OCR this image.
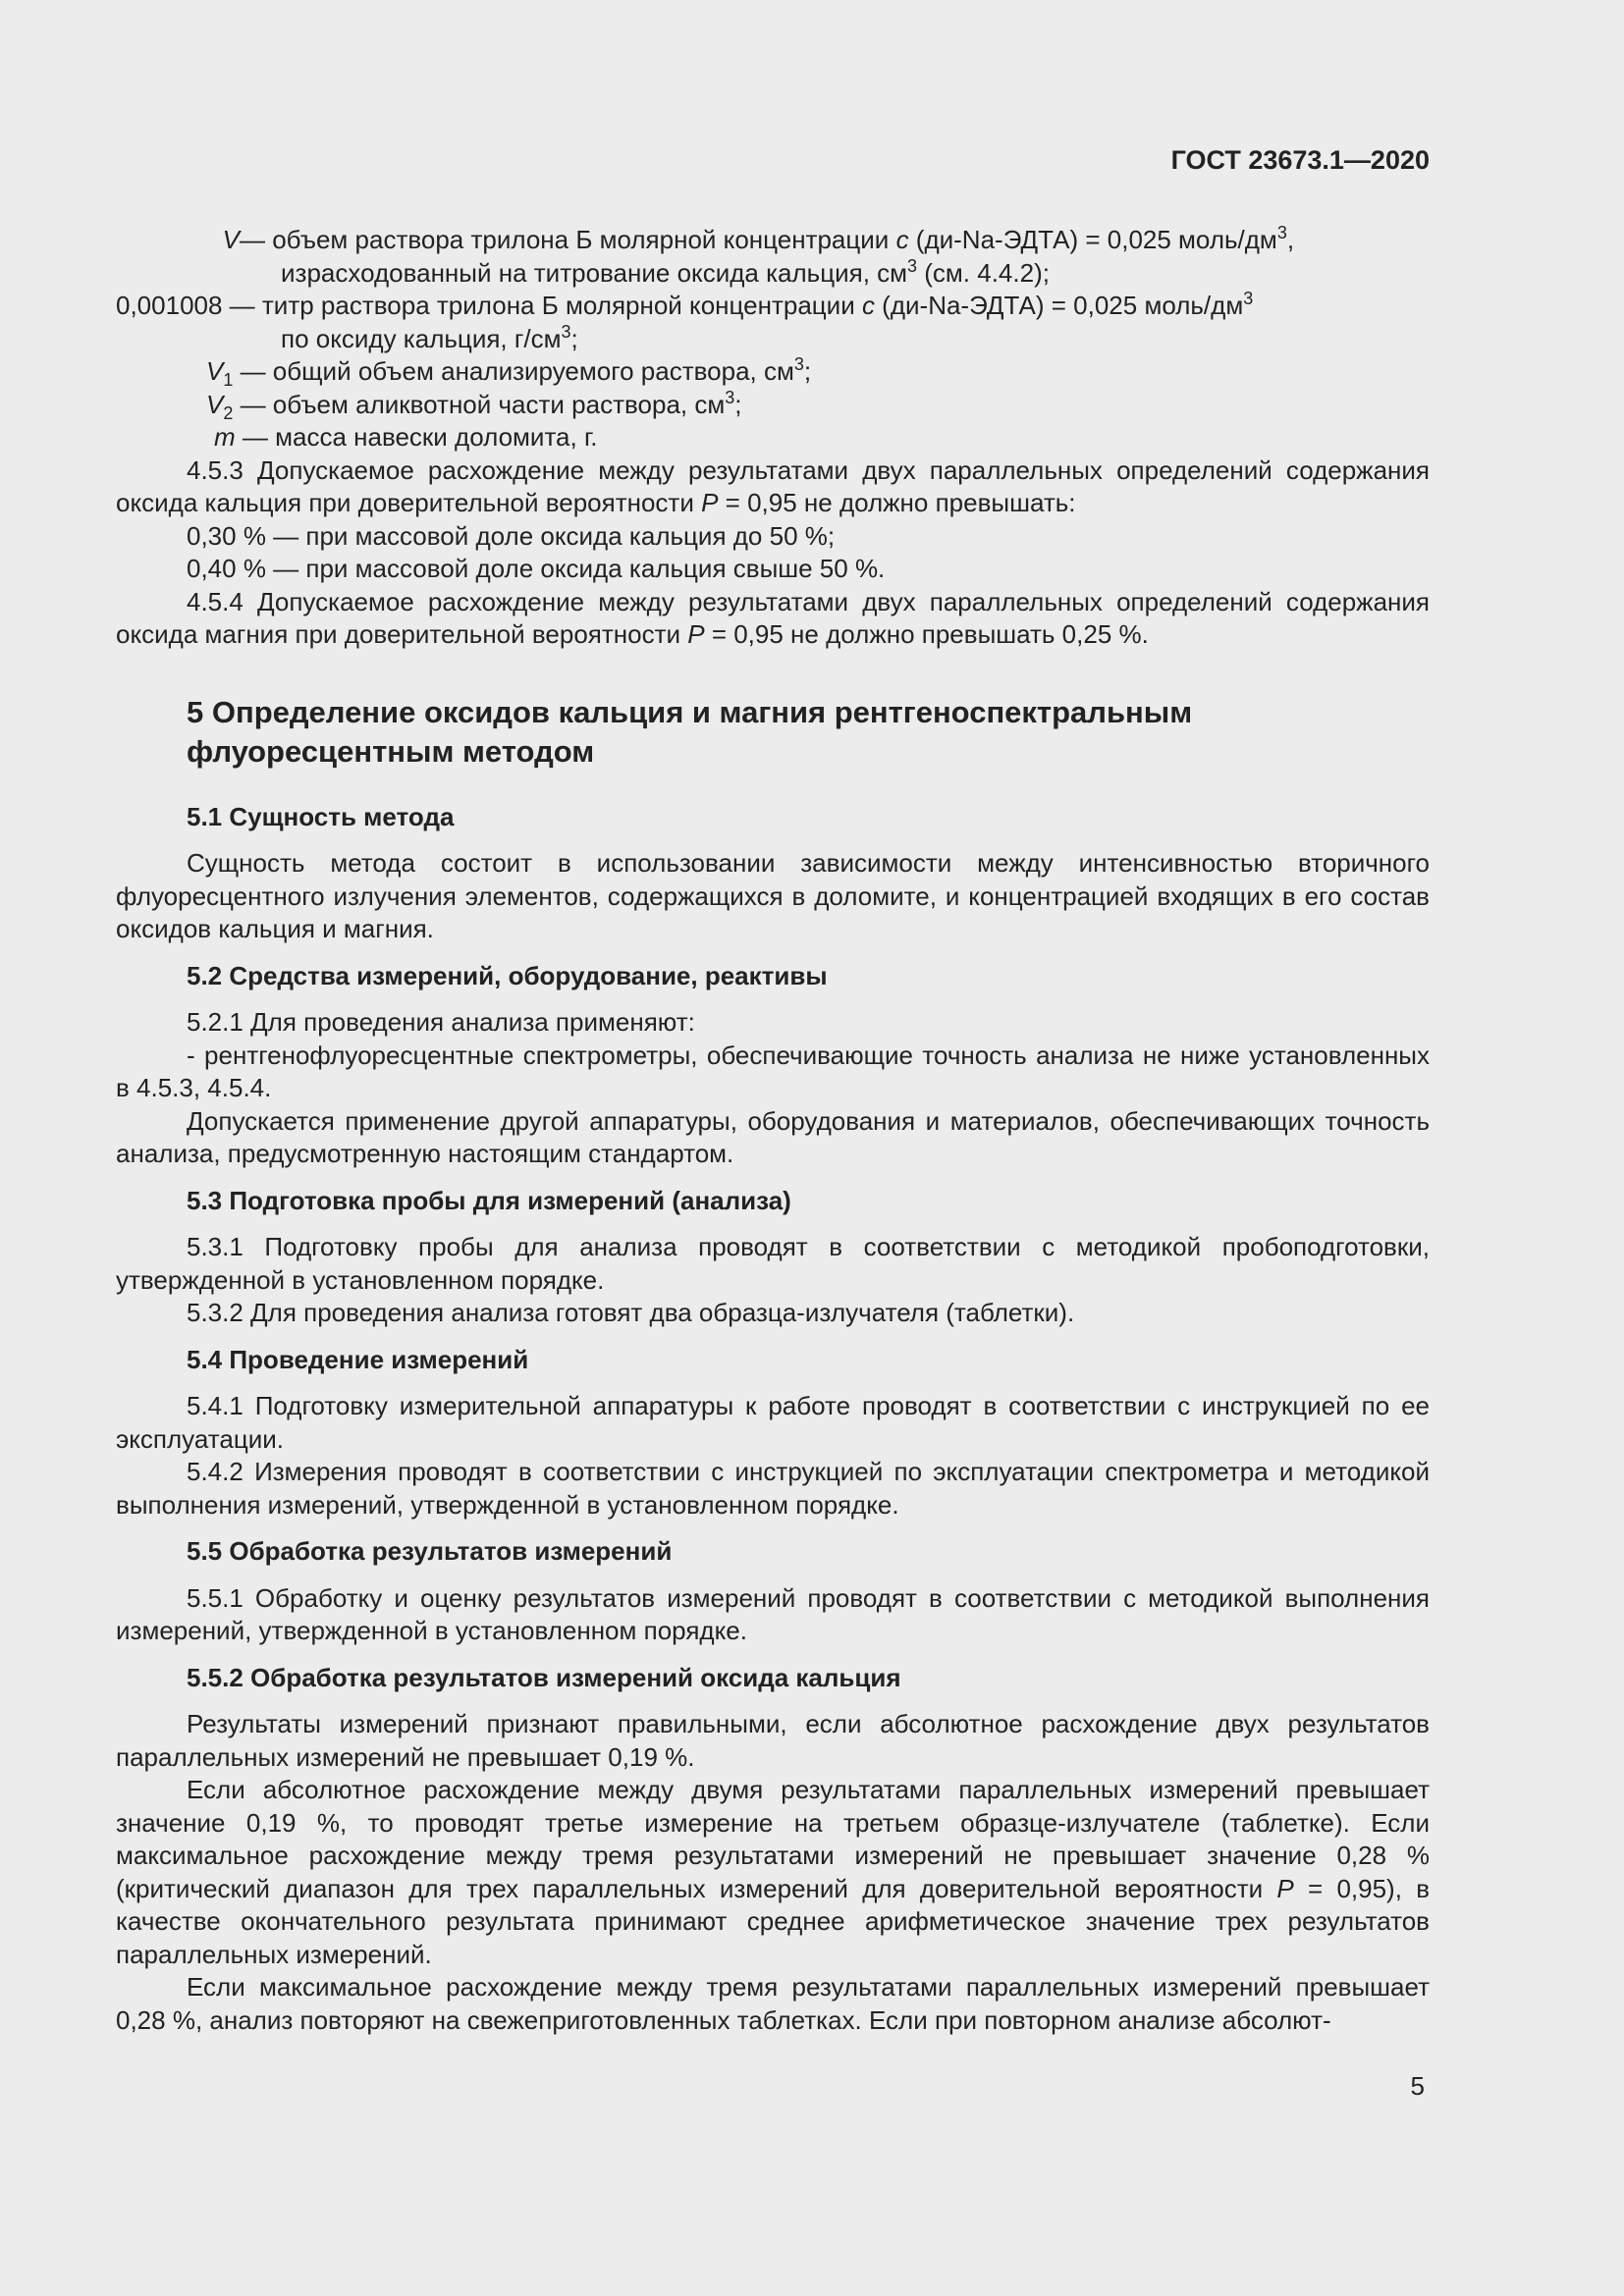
ГОСТ 23673.1—2020
V — объем раствора трилона Б молярной концентрации с (ди-Na-ЭДТА) = 0,025 моль/$дм^3$,
израсходованный на титрование оксида кальция, $см^3$ (см. 4.4.2);
0,001008 — титр раствора трилона Б молярной концентрации с (ди-Na-ЭДТА) = 0,025 моль/$дм^3$
по оксиду кальция, $г/см^3$;
$V_1$ — общий объем анализируемого раствора, $см^3$;
$V_2$ — объем аликвотной части раствора, $см^3$;
m — масса навески доломита, г.

4.5.3 Допускаемое расхождение между результатами двух параллельных определений содержания оксида кальция при доверительной вероятности Р = 0,95 не должно превышать:

0,30 % — при массовой доле оксида кальция до 50 %;

0,40 % — при массовой доле оксида кальция свыше 50 %.

4.5.4 Допускаемое расхождение между результатами двух параллельных определений содержания оксида магния при доверительной вероятности Р = 0,95 не должно превышать 0,25 %.

5 Определение оксидов кальция и магния рентгеноспектральным флуоресцентным методом
5.1 Сущность метода

Сущность метода состоит в использовании зависимости между интенсивностью вторичного флуоресцентного излучения элементов, содержащихся в доломите, и концентрацией входящих в его состав оксидов кальция и магния.

5.2 Средства измерений, оборудование, реактивы

5.2.1 Для проведения анализа применяют:

- рентгенофлуоресцентные спектрометры, обеспечивающие точность анализа не ниже установленных в 4.5.3, 4.5.4.

Допускается применение другой аппаратуры, оборудования и материалов, обеспечивающих точность анализа, предусмотренную настоящим стандартом.

5.3 Подготовка пробы для измерений (анализа)

5.3.1 Подготовку пробы для анализа проводят в соответствии с методикой пробоподготовки, утвержденной в установленном порядке.

5.3.2 Для проведения анализа готовят два образца-излучателя (таблетки).

5.4 Проведение измерений

5.4.1 Подготовку измерительной аппаратуры к работе проводят в соответствии с инструкцией по ее эксплуатации.

5.4.2 Измерения проводят в соответствии с инструкцией по эксплуатации спектрометра и методикой выполнения измерений, утвержденной в установленном порядке.

5.5 Обработка результатов измерений

5.5.1 Обработку и оценку результатов измерений проводят в соответствии с методикой выполнения измерений, утвержденной в установленном порядке.

5.5.2 Обработка результатов измерений оксида кальция

Результаты измерений признают правильными, если абсолютное расхождение двух результатов параллельных измерений не превышает 0,19 %.

Если абсолютное расхождение между двумя результатами параллельных измерений превышает значение 0,19 %, то проводят третье измерение на третьем образце-излучателе (таблетке). Если максимальное расхождение между тремя результатами измерений не превышает значение 0,28 % (критический диапазон для трех параллельных измерений для доверительной вероятности Р = 0,95), в качестве окончательного результата принимают среднее арифметическое значение трех результатов параллельных измерений.

Если максимальное расхождение между тремя результатами параллельных измерений превышает 0,28 %, анализ повторяют на свежеприготовленных таблетках. Если при повторном анализе абсолют-

5
